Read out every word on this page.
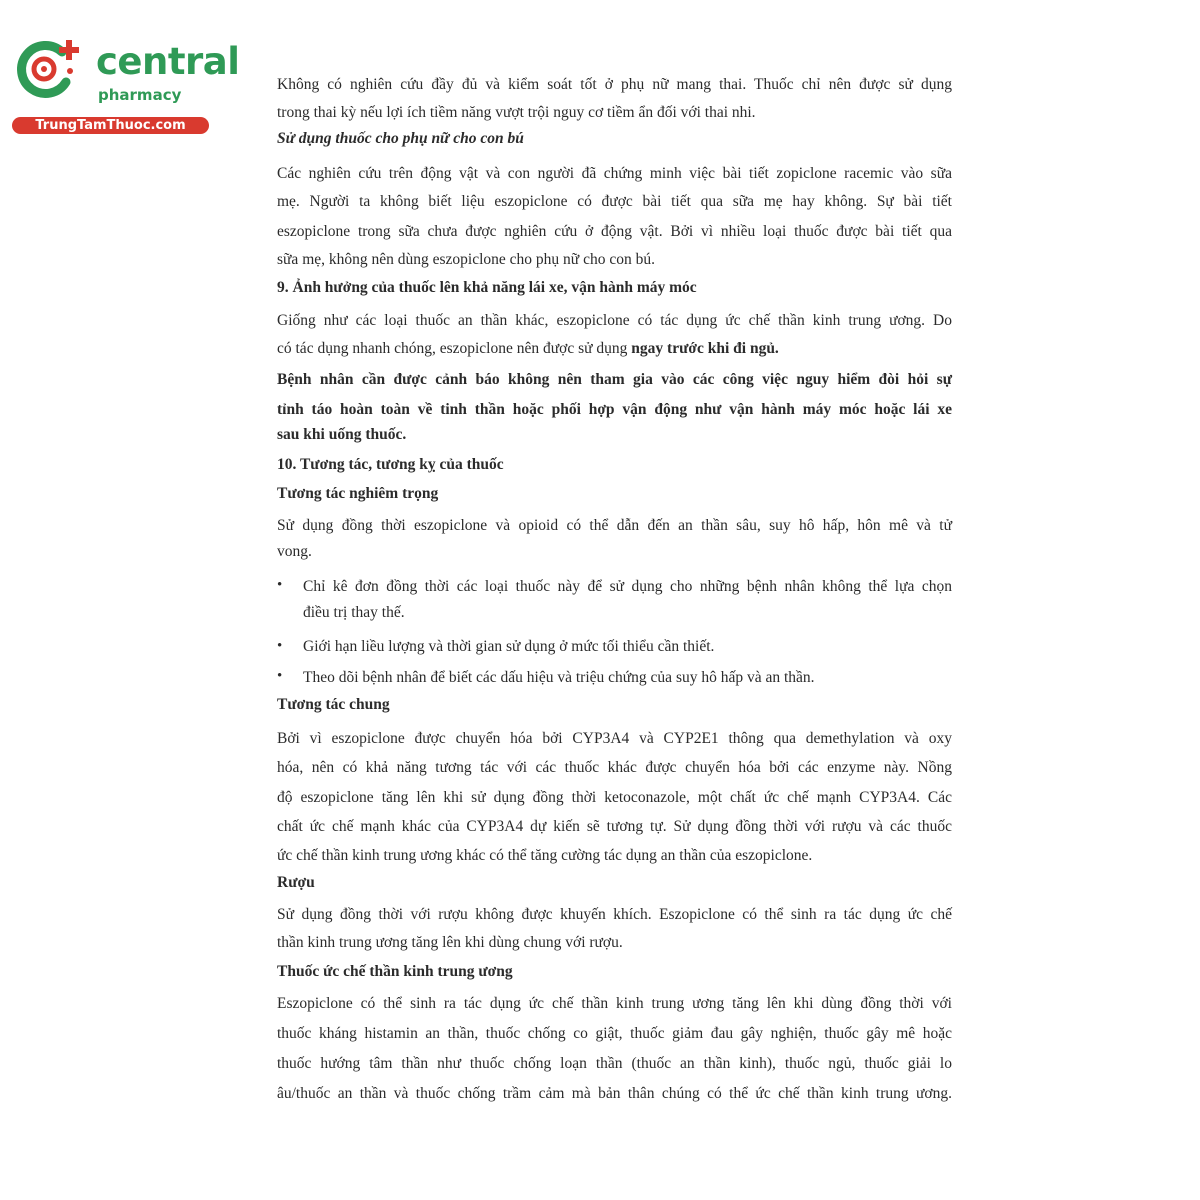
central
pharmacy
TrungTamThuoc.com
Không có nghiên cứu đầy đủ và kiểm soát tốt ở phụ nữ mang thai. Thuốc chỉ nên được sử dụng
trong thai kỳ nếu lợi ích tiềm năng vượt trội nguy cơ tiềm ẩn đối với thai nhi.
Sử dụng thuốc cho phụ nữ cho con bú
Các nghiên cứu trên động vật và con người đã chứng minh việc bài tiết zopiclone racemic vào sữa
mẹ. Người ta không biết liệu eszopiclone có được bài tiết qua sữa mẹ hay không. Sự bài tiết
eszopiclone trong sữa chưa được nghiên cứu ở động vật. Bởi vì nhiều loại thuốc được bài tiết qua
sữa mẹ, không nên dùng eszopiclone cho phụ nữ cho con bú.
9. Ảnh hưởng của thuốc lên khả năng lái xe, vận hành máy móc
Giống như các loại thuốc an thần khác, eszopiclone có tác dụng ức chế thần kinh trung ương. Do
có tác dụng nhanh chóng, eszopiclone nên được sử dụng ngay trước khi đi ngủ.
Bệnh nhân cần được cảnh báo không nên tham gia vào các công việc nguy hiểm đòi hỏi sự
tỉnh táo hoàn toàn về tinh thần hoặc phối hợp vận động như vận hành máy móc hoặc lái xe
sau khi uống thuốc.
10. Tương tác, tương kỵ của thuốc
Tương tác nghiêm trọng
Sử dụng đồng thời eszopiclone và opioid có thể dẫn đến an thần sâu, suy hô hấp, hôn mê và tử
vong.
• Chỉ kê đơn đồng thời các loại thuốc này để sử dụng cho những bệnh nhân không thể lựa chọn
điều trị thay thế.
• Giới hạn liều lượng và thời gian sử dụng ở mức tối thiểu cần thiết.
• Theo dõi bệnh nhân để biết các dấu hiệu và triệu chứng của suy hô hấp và an thần.
Tương tác chung
Bởi vì eszopiclone được chuyển hóa bởi CYP3A4 và CYP2E1 thông qua demethylation và oxy
hóa, nên có khả năng tương tác với các thuốc khác được chuyển hóa bởi các enzyme này. Nồng
độ eszopiclone tăng lên khi sử dụng đồng thời ketoconazole, một chất ức chế mạnh CYP3A4. Các
chất ức chế mạnh khác của CYP3A4 dự kiến sẽ tương tự. Sử dụng đồng thời với rượu và các thuốc
ức chế thần kinh trung ương khác có thể tăng cường tác dụng an thần của eszopiclone.
Rượu
Sử dụng đồng thời với rượu không được khuyến khích. Eszopiclone có thể sinh ra tác dụng ức chế
thần kinh trung ương tăng lên khi dùng chung với rượu.
Thuốc ức chế thần kinh trung ương
Eszopiclone có thể sinh ra tác dụng ức chế thần kinh trung ương tăng lên khi dùng đồng thời với
thuốc kháng histamin an thần, thuốc chống co giật, thuốc giảm đau gây nghiện, thuốc gây mê hoặc
thuốc hướng tâm thần như thuốc chống loạn thần (thuốc an thần kinh), thuốc ngủ, thuốc giải lo
âu/thuốc an thần và thuốc chống trầm cảm mà bản thân chúng có thể ức chế thần kinh trung ương.
